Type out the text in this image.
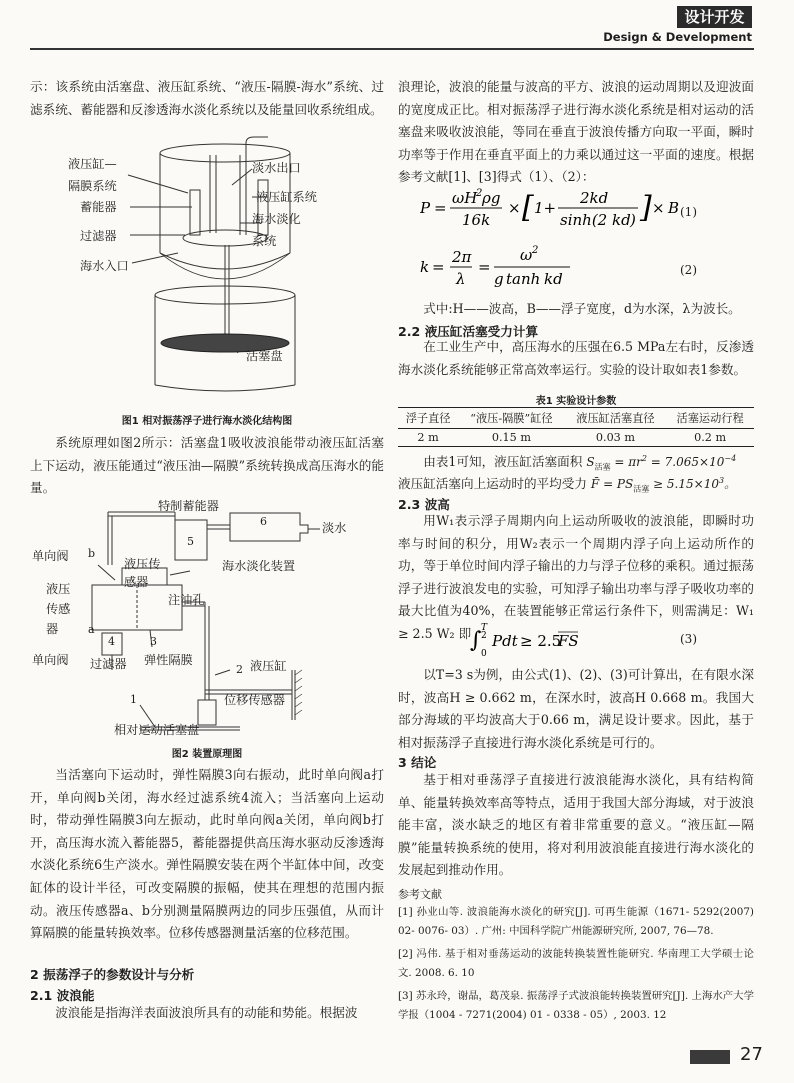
设计开发
Design & Development

示：该系统由活塞盘、液压缸系统、“液压-隔膜-海水”系统、过滤系统、蓄能器和反渗透海水淡化系统以及能量回收系统组成。

液压缸—
隔膜系统
蓄能器
过滤器
海水入口
淡水出口
液压缸系统
海水淡化
系统
活塞盘
图1 相对振荡浮子进行海水淡化结构图

系统原理如图2所示：活塞盘1吸收波浪能带动液压缸活塞上下运动，液压能通过“液压油—隔膜”系统转换成高压海水的能量。

特制蓄能器
5
6	淡水
海水淡化装置
单向阀 b
液压传
感器
注油孔
液压
传感
器	a
4	3
单向阀 过滤器 弹性隔膜
2 液压缸
位移传感器
1
相对运动活塞盘
图2 装置原理图

当活塞向下运动时，弹性隔膜3向右振动，此时单向阀a打开，单向阀b关闭，海水经过滤系统4流入；当活塞向上运动时，带动弹性隔膜3向左振动，此时单向阀a关闭，单向阀b打开，高压海水流入蓄能器5，蓄能器提供高压海水驱动反渗透海水淡化系统6生产淡水。弹性隔膜安装在两个半缸体中间，改变缸体的设计半径，可改变隔膜的振幅，使其在理想的范围内振动。液压传感器a、b分别测量隔膜两边的同步压强值，从而计算隔膜的能量转换效率。位移传感器测量活塞的位移范围。

2 振荡浮子的参数设计与分析
2.1 波浪能

波浪能是指海洋表面波浪所具有的动能和势能。根据波

浪理论，波浪的能量与波高的平方、波浪的运动周期以及迎波面的宽度成正比。相对振荡浮子进行海水淡化系统是相对运动的活塞盘来吸收波浪能，等同在垂直于波浪传播方向取一平面，瞬时功率等于作用在垂直平面上的力乘以通过这一平面的速度。根据参考文献[1]、[3]得式（1）、（2）：

P =
ωH
2 ρg
16k
× [ 1+
2kd
sinh(2 kd ) ] × B (1)
k =
2π
λ
=
ω 2
g tanh kd	(2)

式中:H——波高，B——浮子宽度，d为水深，λ为波长。

2.2 液压缸活塞受力计算

在工业生产中，高压海水的压强在6.5 MPa左右时，反渗透海水淡化系统能够正常高效率运行。实验的设计取如表1参数。

表1 实验设计参数
浮子直径	“液压-隔膜”缸径	液压缸活塞直径	活塞运动行程
2 m	0.15 m	0.03 m	0.2 m
由表1可知，液压缸活塞面积 $S_{活塞} = \pi r^2 = 7.065\times 10^{-4}$
液压缸活塞向上运动时的平均受力 F̄ = $PS_{活塞} \ge 5.15\times 10^3$。
2.3 波高

用W₁表示浮子周期内向上运动所吸收的波浪能，即瞬时功率与时间的积分，用W₂表示一个周期内浮子向上运动所作的功，等于单位时间内浮子输出的力与浮子位移的乘积。通过振荡浮子进行波浪发电的实验，可知浮子输出功率与浮子吸收功率的最大比值为40%，在装置能够正常运行条件下，则需满足：W₁ ≥ 2.5 W₂ 即

∫ T
2
0
Pdt ≥ 2.5
FS	(3)

以T=3 s为例，由公式(1)、(2)、(3)可计算出，在有限水深时，波高H ≥ 0.662 m，在深水时，波高H 0.668 m。我国大部分海域的平均波高大于0.66 m，满足设计要求。因此，基于相对振荡浮子直接进行海水淡化系统是可行的。

3 结论

基于相对垂荡浮子直接进行波浪能海水淡化，具有结构简单、能量转换效率高等特点，适用于我国大部分海域，对于波浪能丰富，淡水缺乏的地区有着非常重要的意义。“液压缸—隔膜”能量转换系统的使用，将对利用波浪能直接进行海水淡化的发展起到推动作用。

参考文献

[1] 孙业山等. 波浪能海水淡化的研究[J]. 可再生能源（1671- 5292(2007) 02- 0076- 03）. 广州: 中国科学院广州能源研究所, 2007, 76—78.

[2] 冯伟. 基于相对垂荡运动的波能转换装置性能研究. 华南理工大学硕士论文. 2008. 6. 10

[3] 苏永玲，谢晶，葛茂泉. 振荡浮子式波浪能转换装置研究[J]. 上海水产大学学报（1004 - 7271(2004) 01 - 0338 - 05）, 2003. 12

27
